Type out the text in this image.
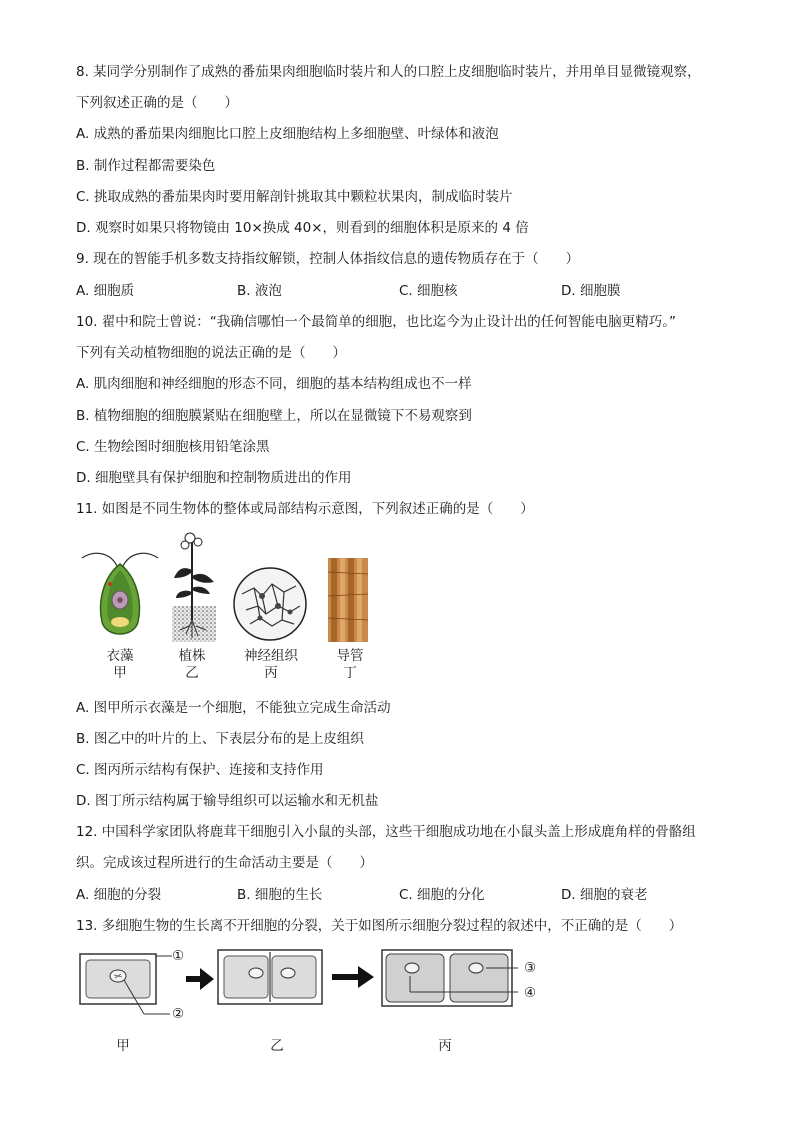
8. 某同学分别制作了成熟的番茄果肉细胞临时装片和人的口腔上皮细胞临时装片，并用单目显微镜观察，
下列叙述正确的是（　　）
A. 成熟的番茄果肉细胞比口腔上皮细胞结构上多细胞壁、叶绿体和液泡
B. 制作过程都需要染色
C. 挑取成熟的番茄果肉时要用解剖针挑取其中颗粒状果肉，制成临时装片
D. 观察时如果只将物镜由 10×换成 40×，则看到的细胞体积是原来的 4 倍
9. 现在的智能手机多数支持指纹解锁，控制人体指纹信息的遗传物质存在于（　　）
A. 细胞质	B. 液泡	C. 细胞核	D. 细胞膜
10. 翟中和院士曾说：“我确信哪怕一个最简单的细胞，也比迄今为止设计出的任何智能电脑更精巧。”
下列有关动植物细胞的说法正确的是（　　）
A. 肌肉细胞和神经细胞的形态不同，细胞的基本结构组成也不一样
B. 植物细胞的细胞膜紧贴在细胞壁上，所以在显微镜下不易观察到
C. 生物绘图时细胞核用铅笔涂黑
D. 细胞壁具有保护细胞和控制物质进出的作用
11. 如图是不同生物体的整体或局部结构示意图，下列叙述正确的是（　　）
衣藻
甲
植株
乙
神经组织
丙
导管
丁
A. 图甲所示衣藻是一个细胞，不能独立完成生命活动
B. 图乙中的叶片的上、下表层分布的是上皮组织
C. 图丙所示结构有保护、连接和支持作用
D. 图丁所示结构属于输导组织可以运输水和无机盐
12. 中国科学家团队将鹿茸干细胞引入小鼠的头部，这些干细胞成功地在小鼠头盖上形成鹿角样的骨骼组
织。完成该过程所进行的生命活动主要是（　　）
A. 细胞的分裂	B. 细胞的生长	C. 细胞的分化	D. 细胞的衰老
13. 多细胞生物的生长离不开细胞的分裂，关于如图所示细胞分裂过程的叙述中，不正确的是（　　）
①
②
③
④
甲	乙	丙
